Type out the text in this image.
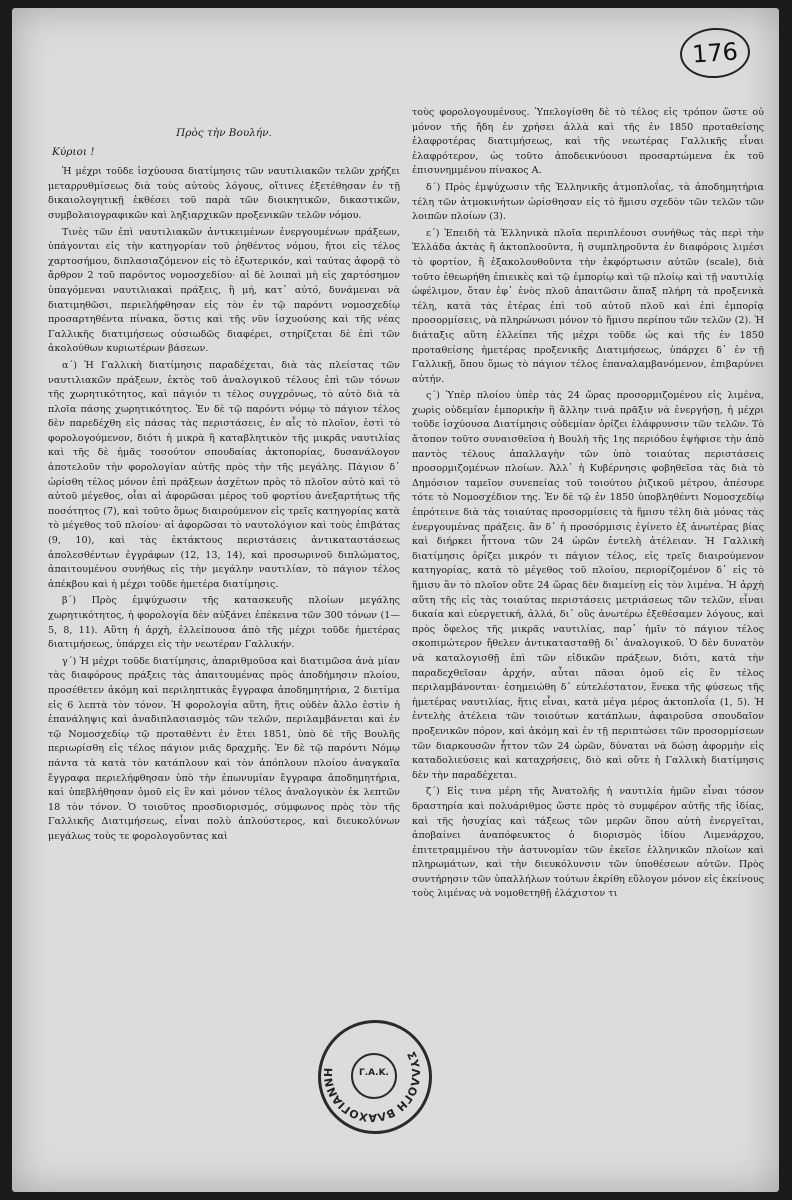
176

Πρὸς τὴν Βουλήν.

Κύριοι !

Ἡ μέχρι τοῦδε ἰσχύουσα διατίμησις τῶν ναυτιλιακῶν τελῶν χρήζει μεταρρυθμίσεως διὰ τοὺς αὐτοὺς λόγους, οἵτινες ἐξετέθησαν ἐν τῇ δικαιολογητικῇ ἐκθέσει τοῦ παρὰ τῶν διοικητικῶν, δικαστικῶν, συμβολαιογραφικῶν καὶ ληξιαρχικῶν προξενικῶν τελῶν νόμου.

Τινὲς τῶν ἐπὶ ναυτιλιακῶν ἀντικειμένων ἐνεργουμένων πράξεων, ὑπάγονται εἰς τὴν κατηγορίαν τοῦ ῥηθέντος νόμου, ἤτοι εἰς τέλος χαρτοσήμου, διπλασιαζόμενον εἰς τὸ ἐξωτερικόν, καὶ ταύτας ἀφορᾷ τὸ ἄρθρον 2 τοῦ παρόντος νομοσχεδίου· αἱ δὲ λοιπαὶ μὴ εἰς χαρτόσημον ὑπαγόμεναι ναυτιλιακαὶ πράξεις, ἢ μή, κατ᾽ αὐτό, δυνάμεναι νὰ διατιμηθῶσι, περιελήφθησαν εἰς τὸν ἐν τῷ παρόντι νομοσχεδίῳ προσαρτηθέντα πίνακα, ὅστις καὶ τῆς νῦν ἰσχυούσης καὶ τῆς νέας Γαλλικῆς διατιμήσεως οὐσιωδῶς διαφέρει, στηρίζεται δὲ ἐπὶ τῶν ἀκολούθων κυριωτέρων βάσεων.

α΄) Ἡ Γαλλικὴ διατίμησις παραδέχεται, διὰ τὰς πλείστας τῶν ναυτιλιακῶν πράξεων, ἐκτὸς τοῦ ἀναλογικοῦ τέλους ἐπὶ τῶν τόνων τῆς χωρητικότητος, καὶ πάγιόν τι τέλος συγχρόνως, τὸ αὐτὸ διὰ τὰ πλοῖα πάσης χωρητικότητος. Ἐν δὲ τῷ παρόντι νόμῳ τὸ πάγιον τέλος δὲν παρεδέχθη εἰς πάσας τὰς περιστάσεις, ἐν αἷς τὸ πλοῖον, ἐστὶ τὸ φορολογούμενον, διότι ἡ μικρὰ ἢ καταβλητικὸν τῆς μικρᾶς ναυτιλίας καὶ τῆς δὲ ἡμᾶς τοσούτον σπουδαίας ἀκτοπορίας, δυσανάλογον ἀποτελοῦν τὴν φορολογίαν αὐτῆς πρὸς τὴν τῆς μεγάλης. Πάγιον δ᾽ ὡρίσθη τέλος μόνον ἐπὶ πράξεων ἀσχέτων πρὸς τὸ πλοῖον αὐτὸ καὶ τὸ αὐτοῦ μέγεθος, οἷαι αἱ ἀφορῶσαι μέρος τοῦ φορτίου ἀνεξαρτήτως τῆς ποσότητος (7), καὶ τοῦτο ὅμως διαιρούμενον εἰς τρεῖς κατηγορίας κατὰ τὸ μέγεθος τοῦ πλοίου· αἱ ἀφορῶσαι τὸ ναυτολόγιον καὶ τοὺς ἐπιβάτας (9, 10), καὶ τὰς ἐκτάκτους περιστάσεις ἀντικαταστάσεως ἀπολεσθέντων ἐγγράφων (12, 13, 14), καὶ προσωρινοῦ διπλώματος, ἀπαιτουμένου συνήθως εἰς τὴν μεγάλην ναυτιλίαν, τὸ πάγιον τέλος ἀπέκβου καὶ ἡ μέχρι τοῦδε ἡμετέρα διατίμησις.

β΄) Πρὸς ἐμψύχωσιν τῆς κατασκευῆς πλοίων μεγάλης χωρητικότητος, ἡ φορολογία δὲν αὐξάνει ἐπέκεινα τῶν 300 τόνων (1—5, 8, 11). Αὕτη ἡ ἀρχὴ, ἐλλείπουσα ἀπὸ τῆς μέχρι τοῦδε ἡμετέρας διατιμήσεως, ὑπάρχει εἰς τὴν νεωτέραν Γαλλικήν.

γ΄) Ἡ μέχρι τοῦδε διατίμησις, ἀπαριθμοῦσα καὶ διατιμῶσα ἀνὰ μίαν τὰς διαφόρους πράξεις τὰς ἀπαιτουμένας πρὸς ἀποδήμησιν πλοίου, προσέθετεν ἀκόμη καὶ περιληπτικὰς ἔγγραφα ἀποδημητήρια, 2 διετίμα εἰς 6 λεπτὰ τὸν τόνον. Ἡ φορολογία αὕτη, ἥτις οὐδὲν ἄλλο ἐστὶν ἡ ἐπανάληψις καὶ ἀναδιπλασιασμὸς τῶν τελῶν, περιλαμβάνεται καὶ ἐν τῷ Νομοσχεδίῳ τῷ προταθέντι ἐν ἔτει 1851, ὑπὸ δὲ τῆς Βουλῆς περιωρίσθη εἰς τέλος πάγιον μιᾶς δραχμῆς. Ἐν δὲ τῷ παρόντι Νόμῳ πάντα τὰ κατὰ τὸν κατάπλουν καὶ τὸν ἀπόπλουν πλοίου ἀναγκαῖα ἔγγραφα περιελήφθησαν ὑπὸ τὴν ἐπωνυμίαν ἔγγραφα ἀποδημητήρια, καὶ ὑπεβλήθησαν ὁμοῦ εἰς ἓν καὶ μόνον τέλος ἀναλογικὸν ἐκ λεπτῶν 18 τὸν τόνον. Ὁ τοιοῦτος προσδιορισμός, σύμφωνος πρὸς τὸν τῆς Γαλλικῆς Διατιμήσεως, εἶναι πολὺ ἁπλούστερος, καὶ διευκολύνων μεγάλως τοὺς τε φορολογοῦντας καὶ

τοὺς φορολογουμένους. Ὑπελογίσθη δὲ τὸ τέλος εἰς τρόπον ὥστε οὐ μόνον τῆς ἤδη ἐν χρήσει ἀλλὰ καὶ τῆς ἐν 1850 προταθείσης ἐλαφροτέρας διατιμήσεως, καὶ τῆς νεωτέρας Γαλλικῆς εἶναι ἐλαφρότερον, ὡς τοῦτο ἀποδεικνύουσι προσαρτώμενα ἐκ τοῦ ἐπισυνημμένου πίνακος Α.

δ΄) Πρὸς ἐμψύχωσιν τῆς Ἑλληνικῆς ἀτμοπλοΐας, τὰ ἀποδημητήρια τέλη τῶν ἀτμοκινήτων ὡρίσθησαν εἰς τὸ ἥμισυ σχεδὸν τῶν τελῶν τῶν λοιπῶν πλοίων (3).

ε΄) Ἐπειδὴ τὰ Ἑλληνικὰ πλοῖα περιπλέουσι συνήθως τὰς περὶ τὴν Ἑλλάδα ἀκτὰς ἢ ἀκτοπλοοῦντα, ἢ συμπληροῦντα ἐν διαφόροις λιμέσι τὸ φορτίον, ἢ ἐξακολουθοῦντα τὴν ἐκφόρτωσιν αὐτῶν (scale), διὰ τοῦτο ἐθεωρήθη ἐπιεικὲς καὶ τῷ ἐμπορίῳ καὶ τῷ πλοίῳ καὶ τῇ ναυτιλίᾳ ὠφέλιμον, ὅταν ἐφ᾽ ἑνὸς πλοῦ ἀπαιτῶσιν ἅπαξ πλήρη τὰ προξενικὰ τέλη, κατὰ τὰς ἑτέρας ἐπὶ τοῦ αὐτοῦ πλοῦ καὶ ἐπὶ ἐμπορίᾳ προσορμίσεις, νὰ πληρώνωσι μόνον τὸ ἥμισυ περίπου τῶν τελῶν (2). Ἡ διάταξις αὕτη ἐλλείπει τῆς μέχρι τοῦδε ὡς καὶ τῆς ἐν 1850 προταθείσης ἡμετέρας προξενικῆς Διατιμήσεως, ὑπάρχει δ᾽ ἐν τῇ Γαλλικῇ, ὅπου ὅμως τὸ πάγιον τέλος ἐπαναλαμβανόμενον, ἐπιβαρύνει αὐτήν.

ς΄) Ὑπὲρ πλοίου ὑπὲρ τὰς 24 ὥρας προσορμιζομένου εἰς λιμένα, χωρὶς οὐδεμίαν ἐμπορικὴν ἢ ἄλλην τινὰ πρᾶξιν νὰ ἐνεργήσῃ, ἡ μέχρι τοῦδε ἰσχύουσα Διατίμησις οὐδεμίαν ὁρίζει ἐλάφρυνσιν τῶν τελῶν. Τὸ ἄτοπον τοῦτο συναισθεῖσα ἡ Βουλὴ τῆς 1ης περιόδου ἐψήφισε τὴν ἀπὸ παντὸς τέλους ἀπαλλαγὴν τῶν ὑπὸ τοιαύτας περιστάσεις προσορμιζομένων πλοίων. Ἀλλ᾽ ἡ Κυβέρνησις φοβηθεῖσα τὰς διὰ τὸ Δημόσιον ταμεῖον συνεπείας τοῦ τοιούτου ῥιζικοῦ μέτρου, ἀπέσυρε τότε τὸ Νομοσχέδιον της. Ἐν δὲ τῷ ἐν 1850 ὑποβληθέντι Νομοσχεδίῳ ἐπρότεινε διὰ τὰς τοιαύτας προσορμίσεις τὰ ἥμισυ τέλη διὰ μόνας τὰς ἐνεργουμένας πράξεις. ἂν δ᾽ ἡ προσόρμισις ἐγίνετο ἐξ ἀνωτέρας βίας καὶ διήρκει ἧττονα τῶν 24 ὡρῶν ἐντελὴ ἀτέλειαν. Ἡ Γαλλικὴ διατίμησις ὁρίζει μικρόν τι πάγιον τέλος, εἰς τρεῖς διαιρούμενον κατηγορίας, κατὰ τὸ μέγεθος τοῦ πλοίου, περιορίζομένον δ᾽ εἰς τὸ ἥμισυ ἂν τὸ πλοῖον οὔτε 24 ὥρας δὲν διαμείνῃ εἰς τὸν λιμένα. Ἡ ἀρχὴ αὕτη τῆς εἰς τὰς τοιαύτας περιστάσεις μετριάσεως τῶν τελῶν, εἶναι δικαία καὶ εὐεργετική, ἀλλά, δι᾽ οὓς ἀνωτέρω ἐξεθέσαμεν λόγους, καὶ πρὸς ὄφελος τῆς μικρᾶς ναυτιλίας, παρ᾽ ἡμῖν τὸ πάγιον τέλος σκοπιμώτερον ἤθελεν ἀντικατασταθῇ δι᾽ ἀναλογικοῦ. Ὁ δὲν δυνατὸν νὰ καταλογισθῇ ἐπὶ τῶν εἰδικῶν πράξεων, διότι, κατὰ τὴν παραδεχθεῖσαν ἀρχήν, αὗται πᾶσαι ὁμοῦ εἰς ἓν τέλος περιλαμβάνονται· ἐσημειώθη δ᾽ εὐτελέστατον, ἕνεκα τῆς φύσεως τῆς ἡμετέρας ναυτιλίας, ἥτις εἶναι, κατὰ μέγα μέρος ἀκτοπλοΐα (1, 5). Ἡ ἐντελὴς ἀτέλεια τῶν τοιούτων κατάπλων, ἀφαιροῦσα σπουδαῖον προξενικῶν πόρον, καὶ ἀκόμη καὶ ἐν τῇ περιπτώσει τῶν προσορμίσεων τῶν διαρκουσῶν ἧττον τῶν 24 ὡρῶν, δύναται νὰ δώσῃ ἀφορμὴν εἰς καταδολιεύσεις καὶ καταχρήσεις, διὸ καὶ οὔτε ἡ Γαλλικὴ διατίμησις δὲν τὴν παραδέχεται.

ζ΄) Εἰς τινα μέρη τῆς Ἀνατολῆς ἡ ναυτιλία ἡμῶν εἶναι τόσον δραστηρία καὶ πολυάριθμος ὥστε πρὸς τὸ συμφέρον αὐτῆς τῆς ἰδίας, καὶ τῆς ἡσυχίας καὶ τάξεως τῶν μερῶν ὅπου αὐτὴ ἐνεργεῖται, ἀποβαίνει ἀναπόφευκτος ὁ διορισμὸς ἰδίου Λιμενάρχου, ἐπιτετραμμένου τὴν ἀστυνομίαν τῶν ἐκεῖσε ἑλληνικῶν πλοίων καὶ πληρωμάτων, καὶ τὴν διευκόλυνσιν τῶν ὑποθέσεων αὐτῶν. Πρὸς συντήρησιν τῶν ὑπαλλήλων τούτων ἐκρίθη εὔλογον μόνον εἰς ἐκείνους τοὺς λιμένας νὰ νομοθετηθῇ ἐλάχιστον τι

ΣΥΛΛΟΓΗ ΒΛΑΧΟΓΙΑΝΝΗ	Γ.Α.Κ.
